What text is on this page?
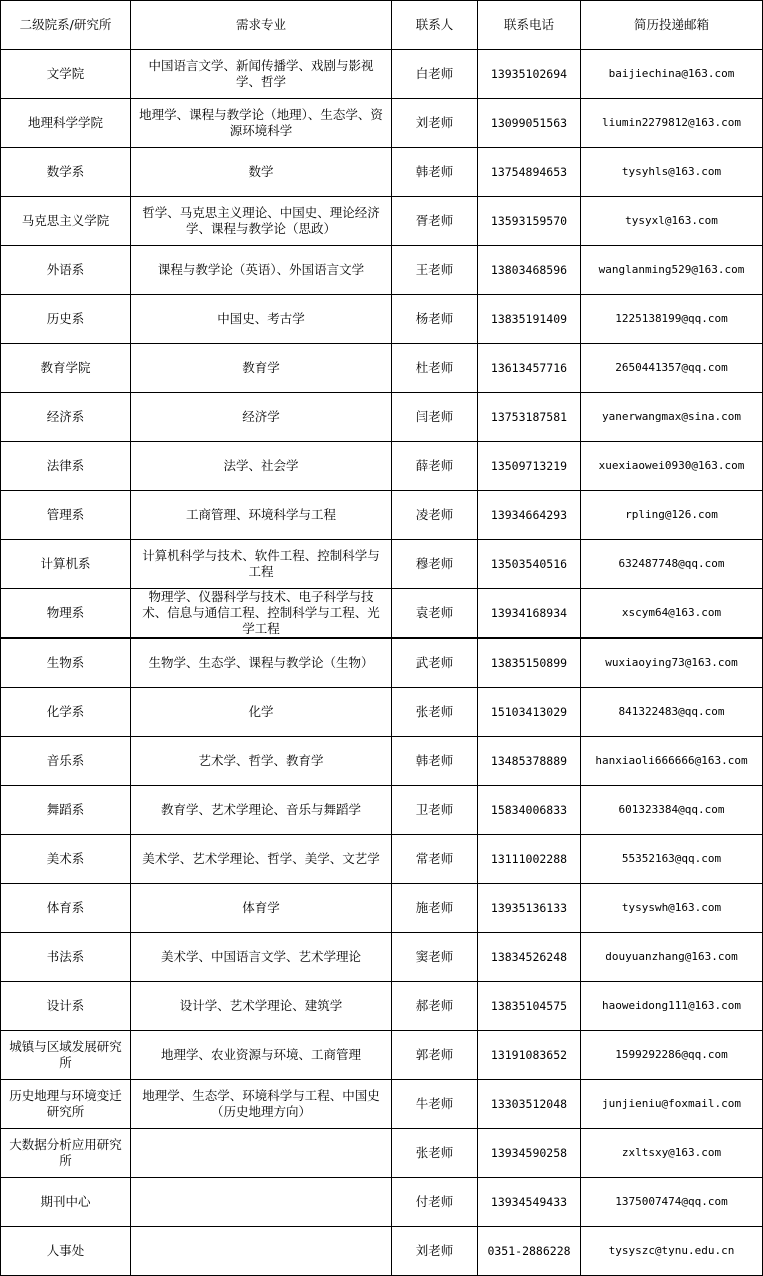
二级院系/研究所	需求专业	联系人	联系电话	简历投递邮箱
文学院	中国语言文学、新闻传播学、戏剧与影视学、哲学	白老师	13935102694	baijiechina@163.com
地理科学学院	地理学、课程与教学论（地理）、生态学、资源环境科学	刘老师	13099051563	liumin2279812@163.com
数学系	数学	韩老师	13754894653	tysyhls@163.com
马克思主义学院	哲学、马克思主义理论、中国史、理论经济学、课程与教学论（思政）	胥老师	13593159570	tysyxl@163.com
外语系	课程与教学论（英语）、外国语言文学	王老师	13803468596	wanglanming529@163.com
历史系	中国史、考古学	杨老师	13835191409	1225138199@qq.com
教育学院	教育学	杜老师	13613457716	2650441357@qq.com
经济系	经济学	闫老师	13753187581	yanerwangmax@sina.com
法律系	法学、社会学	薛老师	13509713219	xuexiaowei0930@163.com
管理系	工商管理、环境科学与工程	凌老师	13934664293	rpling@126.com
计算机系	计算机科学与技术、软件工程、控制科学与工程	穆老师	13503540516	632487748@qq.com
物理系	物理学、仪器科学与技术、电子科学与技术、信息与通信工程、控制科学与工程、光学工程	袁老师	13934168934	xscym64@163.com
生物系	生物学、生态学、课程与教学论（生物）	武老师	13835150899	wuxiaoying73@163.com
化学系	化学	张老师	15103413029	841322483@qq.com
音乐系	艺术学、哲学、教育学	韩老师	13485378889	hanxiaoli666666@163.com
舞蹈系	教育学、艺术学理论、音乐与舞蹈学	卫老师	15834006833	601323384@qq.com
美术系	美术学、艺术学理论、哲学、美学、文艺学	常老师	13111002288	55352163@qq.com
体育系	体育学	施老师	13935136133	tysyswh@163.com
书法系	美术学、中国语言文学、艺术学理论	窦老师	13834526248	douyuanzhang@163.com
设计系	设计学、艺术学理论、建筑学	郝老师	13835104575	haoweidong111@163.com
城镇与区域发展研究所	地理学、农业资源与环境、工商管理	郭老师	13191083652	1599292286@qq.com
历史地理与环境变迁研究所	地理学、生态学、环境科学与工程、中国史（历史地理方向）	牛老师	13303512048	junjieniu@foxmail.com
大数据分析应用研究所		张老师	13934590258	zxltsxy@163.com
期刊中心		付老师	13934549433	1375007474@qq.com
人事处		刘老师	0351-2886228	tysyszc@tynu.edu.cn
